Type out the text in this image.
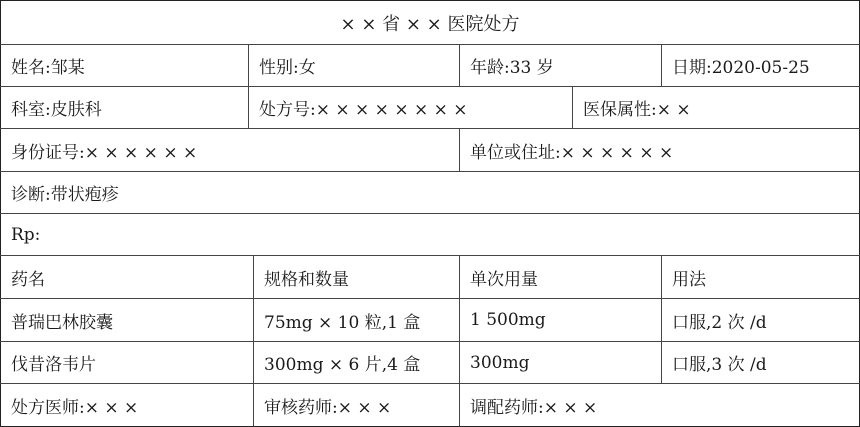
× × 省 × × 医院处方
姓名:邹某	性别:女	年龄:33 岁	日期:2020-05-25
科室:皮肤科	处方号:× × × × × × × ×	医保属性:× ×
身份证号:× × × × × ×	单位或住址:× × × × × ×
诊断:带状疱疹
Rp:
药名	规格和数量	单次用量	用法
普瑞巴林胶囊	75mg × 10 粒,1 盒	1 500mg	口服,2 次 /d
伐昔洛韦片	300mg × 6 片,4 盒	300mg	口服,3 次 /d
处方医师:× × ×	审核药师:× × ×	调配药师:× × ×
